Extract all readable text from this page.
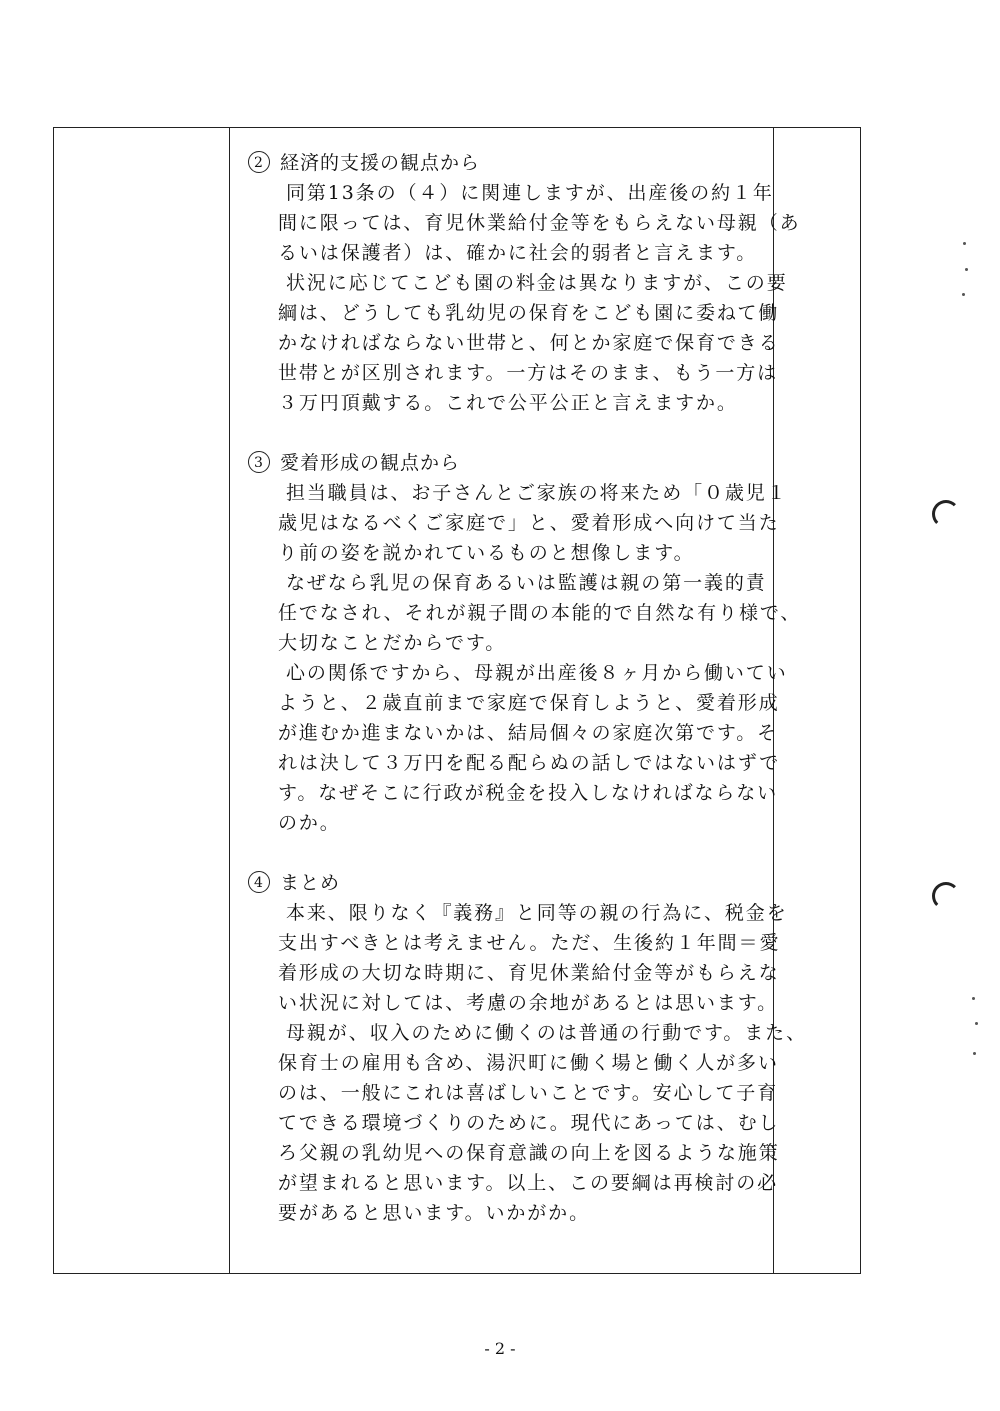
2 経済的支援の観点から
同第13条の（４）に関連しますが、出産後の約１年
間に限っては、育児休業給付金等をもらえない母親（あ
るいは保護者）は、確かに社会的弱者と言えます。
状況に応じてこども園の料金は異なりますが、この要
綱は、どうしても乳幼児の保育をこども園に委ねて働
かなければならない世帯と、何とか家庭で保育できる
世帯とが区別されます。一方はそのまま、もう一方は
３万円頂戴する。これで公平公正と言えますか。
3 愛着形成の観点から
担当職員は、お子さんとご家族の将来ため「０歳児１
歳児はなるべくご家庭で」と、愛着形成へ向けて当た
り前の姿を説かれているものと想像します。
なぜなら乳児の保育あるいは監護は親の第一義的責
任でなされ、それが親子間の本能的で自然な有り様で、
大切なことだからです。
心の関係ですから、母親が出産後８ヶ月から働いてい
ようと、２歳直前まで家庭で保育しようと、愛着形成
が進むか進まないかは、結局個々の家庭次第です。そ
れは決して３万円を配る配らぬの話しではないはずで
す。なぜそこに行政が税金を投入しなければならない
のか。
4 まとめ
本来、限りなく『義務』と同等の親の行為に、税金を
支出すべきとは考えません。ただ、生後約１年間＝愛
着形成の大切な時期に、育児休業給付金等がもらえな
い状況に対しては、考慮の余地があるとは思います。
母親が、収入のために働くのは普通の行動です。また、
保育士の雇用も含め、湯沢町に働く場と働く人が多い
のは、一般にこれは喜ばしいことです。安心して子育
てできる環境づくりのために。現代にあっては、むし
ろ父親の乳幼児への保育意識の向上を図るような施策
が望まれると思います。以上、この要綱は再検討の必
要があると思います。いかがか。
- 2 -
